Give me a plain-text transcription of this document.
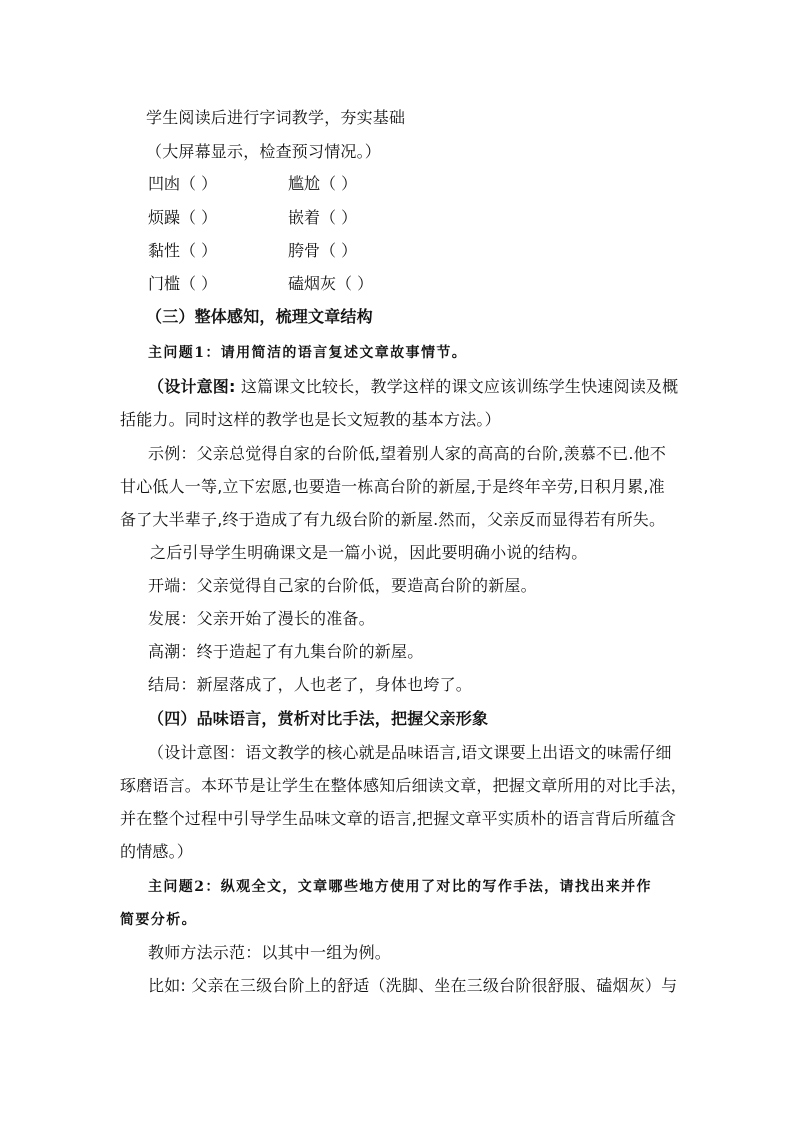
学生阅读后进行字词教学，夯实基础
（大屏幕显示，检查预习情况。）
凹凼（ ）	尴尬（ ）
烦躁（ ）	嵌着（ ）
黏性（ ）	胯骨（ ）
门槛（ ）	磕烟灰（ ）
（三）整体感知，梳理文章结构
主问题1：请用简洁的语言复述文章故事情节。
（设计意图: 这篇课文比较长，教学这样的课文应该训练学生快速阅读及概
括能力。同时这样的教学也是长文短教的基本方法。）
示例：父亲总觉得自家的台阶低,望着别人家的高高的台阶,羡慕不已.他不
甘心低人一等,立下宏愿,也要造一栋高台阶的新屋,于是终年辛劳,日积月累,准
备了大半辈子,终于造成了有九级台阶的新屋.然而，父亲反而显得若有所失。
之后引导学生明确课文是一篇小说，因此要明确小说的结构。
开端：父亲觉得自己家的台阶低，要造高台阶的新屋。
发展：父亲开始了漫长的准备。
高潮：终于造起了有九集台阶的新屋。
结局：新屋落成了，人也老了，身体也垮了。
（四）品味语言，赏析对比手法，把握父亲形象
（设计意图：语文教学的核心就是品味语言,语文课要上出语文的味需仔细
琢磨语言。本环节是让学生在整体感知后细读文章，把握文章所用的对比手法，
并在整个过程中引导学生品味文章的语言,把握文章平实质朴的语言背后所蕴含
的情感。）
主问题2：纵观全文，文章哪些地方使用了对比的写作手法，请找出来并作
简要分析。
教师方法示范：以其中一组为例。
比如: 父亲在三级台阶上的舒适（洗脚、坐在三级台阶很舒服、磕烟灰）与
